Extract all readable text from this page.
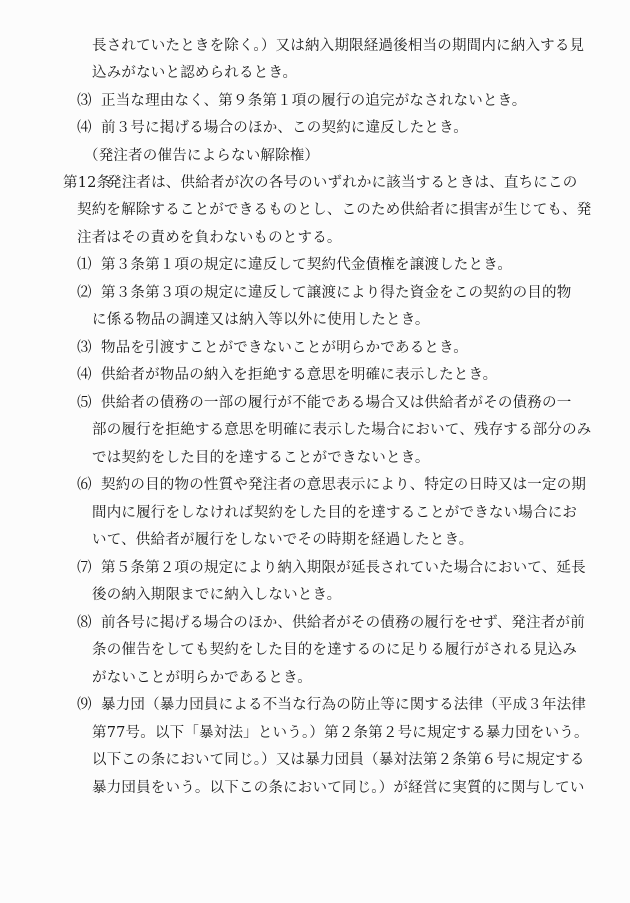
長されていたときを除く。）又は納入期限経過後相当の期間内に納入する見
込みがないと認められるとき。
⑶ 正当な理由なく、第９条第１項の履行の追完がなされないとき。
⑷ 前３号に掲げる場合のほか、この契約に違反したとき。
（発注者の催告によらない解除権）
第12条発注者は、供給者が次の各号のいずれかに該当するときは、直ちにこの
契約を解除することができるものとし、このため供給者に損害が生じても、発
注者はその責めを負わないものとする。
⑴ 第３条第１項の規定に違反して契約代金債権を譲渡したとき。
⑵ 第３条第３項の規定に違反して譲渡により得た資金をこの契約の目的物
に係る物品の調達又は納入等以外に使用したとき。
⑶ 物品を引渡すことができないことが明らかであるとき。
⑷ 供給者が物品の納入を拒絶する意思を明確に表示したとき。
⑸ 供給者の債務の一部の履行が不能である場合又は供給者がその債務の一
部の履行を拒絶する意思を明確に表示した場合において、残存する部分のみ
では契約をした目的を達することができないとき。
⑹ 契約の目的物の性質や発注者の意思表示により、特定の日時又は一定の期
間内に履行をしなければ契約をした目的を達することができない場合にお
いて、供給者が履行をしないでその時期を経過したとき。
⑺ 第５条第２項の規定により納入期限が延長されていた場合において、延長
後の納入期限までに納入しないとき。
⑻ 前各号に掲げる場合のほか、供給者がその債務の履行をせず、発注者が前
条の催告をしても契約をした目的を達するのに足りる履行がされる見込み
がないことが明らかであるとき。
⑼ 暴力団（暴力団員による不当な行為の防止等に関する法律（平成３年法律
第77号。以下「暴対法」という。）第２条第２号に規定する暴力団をいう。
以下この条において同じ。）又は暴力団員（暴対法第２条第６号に規定する
暴力団員をいう。以下この条において同じ。）が経営に実質的に関与してい
